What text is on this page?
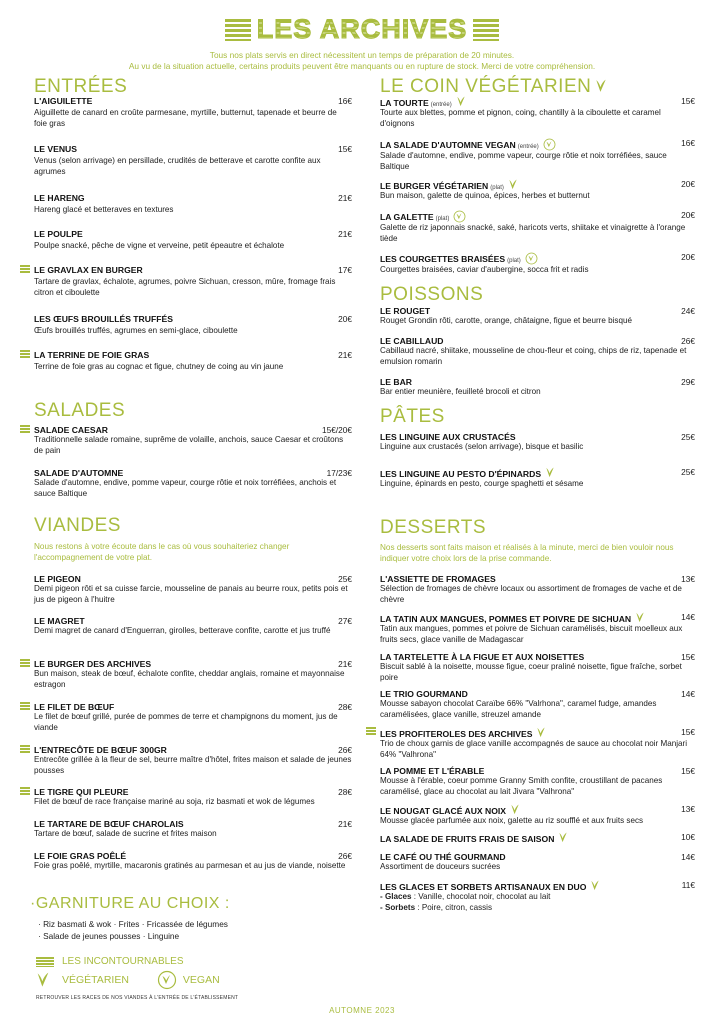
LES ARCHIVES
Tous nos plats servis en direct nécessitent un temps de préparation de 20 minutes.
Au vu de la situation actuelle, certains produits peuvent être manquants ou en rupture de stock. Merci de votre compréhension.
ENTRÉES
L'AIGUILETTE	16€
Aiguillette de canard en croûte parmesane, myrtille, butternut, tapenade et beurre de foie gras
LE VENUS	15€
Venus (selon arrivage) en persillade, crudités de betterave et carotte confite aux agrumes
LE HARENG	21€
Hareng glacé et betteraves en textures
LE POULPE	21€
Poulpe snacké, pêche de vigne et verveine, petit épeautre et échalote
LE GRAVLAX EN BURGER	17€
Tartare de gravlax, échalote, agrumes, poivre Sichuan, cresson, mûre, fromage frais citron et ciboulette
LES ŒUFS BROUILLÉS TRUFFÉS	20€
Œufs brouillés truffés, agrumes en semi-glace, ciboulette
LA TERRINE DE FOIE GRAS	21€
Terrine de foie gras au cognac et figue, chutney de coing au vin jaune
SALADES
SALADE CAESAR	15€/20€
Traditionnelle salade romaine, suprême de volaille, anchois, sauce Caesar et croûtons de pain
SALADE D'AUTOMNE	17/23€
Salade d'automne, endive, pomme vapeur, courge rôtie et noix torréfiées, anchois et sauce Baltique
VIANDES
Nous restons à votre écoute dans le cas où vous souhaiteriez changer l'accompagnement de votre plat.
LE PIGEON	25€
Demi pigeon rôti et sa cuisse farcie, mousseline de panais au beurre roux, petits pois et jus de pigeon à l'huitre
LE MAGRET	27€
Demi magret de canard d'Enguerran, girolles, betterave confite, carotte et jus truffé
LE BURGER DES ARCHIVES	21€
Bun maison, steak de bœuf, échalote confite, cheddar anglais, romaine et mayonnaise estragon
LE FILET DE BŒUF	28€
Le filet de bœuf grillé, purée de pommes de terre et champignons du moment, jus de viande
L'ENTRECÔTE DE BŒUF 300GR	26€
Entrecôte grillée à la fleur de sel, beurre maître d'hôtel, frites maison et salade de jeunes pousses
LE TIGRE QUI PLEURE	28€
Filet de bœuf de race française mariné au soja, riz basmati et wok de légumes
LE TARTARE DE BŒUF CHAROLAIS	21€
Tartare de bœuf, salade de sucrine et frites maison
LE FOIE GRAS POÊLÉ	26€
Foie gras poêlé, myrtille, macaronis gratinés au parmesan et au jus de viande, noisette
·GARNITURE AU CHOIX :
· Riz basmati & wok · Frites · Fricassée de légumes
· Salade de jeunes pousses · Linguine
LES INCONTOURNABLES
VÉGÉTARIEN	VEGAN
RETROUVER LES RACES DE NOS VIANDES À L'ENTRÉE DE L'ÉTABLISSEMENT
LE COIN VÉGÉTARIEN
LA TOURTE (entrée)	15€
Tourte aux blettes, pomme et pignon, coing, chantilly à la ciboulette et caramel d'oignons
LA SALADE D'AUTOMNE VEGAN (entrée)	16€
Salade d'automne, endive, pomme vapeur, courge rôtie et noix torréfiées, sauce Baltique
LE BURGER VÉGÉTARIEN (plat)	20€
Bun maison, galette de quinoa, épices, herbes et butternut
LA GALETTE (plat)	20€
Galette de riz japonnais snacké, saké, haricots verts, shiitake et vinaigrette à l'orange tiède
LES COURGETTES BRAISÉES (plat)	20€
Courgettes braisées, caviar d'aubergine, socca frit et radis
POISSONS
LE ROUGET	24€
Rouget Grondin rôti, carotte, orange, châtaigne, figue et beurre bisqué
LE CABILLAUD	26€
Cabillaud nacré, shiitake, mousseline de chou-fleur et coing, chips de riz, tapenade et emulsion romarin
LE BAR	29€
Bar entier meunière, feuilleté brocoli et citron
PÂTES
LES LINGUINE AUX CRUSTACÉS	25€
Linguine aux crustacés (selon arrivage), bisque et basilic
LES LINGUINE AU PESTO D'ÉPINARDS	25€
Linguine, épinards en pesto, courge spaghetti et sésame
DESSERTS
Nos desserts sont faits maison et réalisés à la minute, merci de bien vouloir nous indiquer votre choix lors de la prise commande.
L'ASSIETTE DE FROMAGES	13€
Sélection de fromages de chèvre locaux ou assortiment de fromages de vache et de chèvre
LA TATIN AUX MANGUES, POMMES ET POIVRE DE SICHUAN	14€
Tatin aux mangues, pommes et poivre de Sichuan caramélisés, biscuit moelleux aux fruits secs, glace vanille de Madagascar
LA TARTELETTE À LA FIGUE ET AUX NOISETTES	15€
Biscuit sablé à la noisette, mousse figue, coeur praliné noisette, figue fraîche, sorbet poire
LE TRIO GOURMAND	14€
Mousse sabayon chocolat Caraïbe 66% "Valrhona", caramel fudge, amandes caramélisées, glace vanille, streuzel amande
LES PROFITEROLES DES ARCHIVES	15€
Trio de choux garnis de glace vanille accompagnés de sauce au chocolat noir Manjari 64% "Valhrona"
LA POMME ET L'ÉRABLE	15€
Mousse à l'érable, coeur pomme Granny Smith confite, croustillant de pacanes caramélisé, glace au chocolat au lait Jivara "Valhrona"
LE NOUGAT GLACÉ AUX NOIX	13€
Mousse glacée parfumée aux noix, galette au riz soufflé et aux fruits secs
LA SALADE DE FRUITS FRAIS DE SAISON	10€
LE CAFÉ OU THÉ GOURMAND	14€
Assortiment de douceurs sucrées
LES GLACES ET SORBETS ARTISANAUX EN DUO	11€
- Glaces : Vanille, chocolat noir, chocolat au lait
- Sorbets : Poire, citron, cassis
AUTOMNE 2023
